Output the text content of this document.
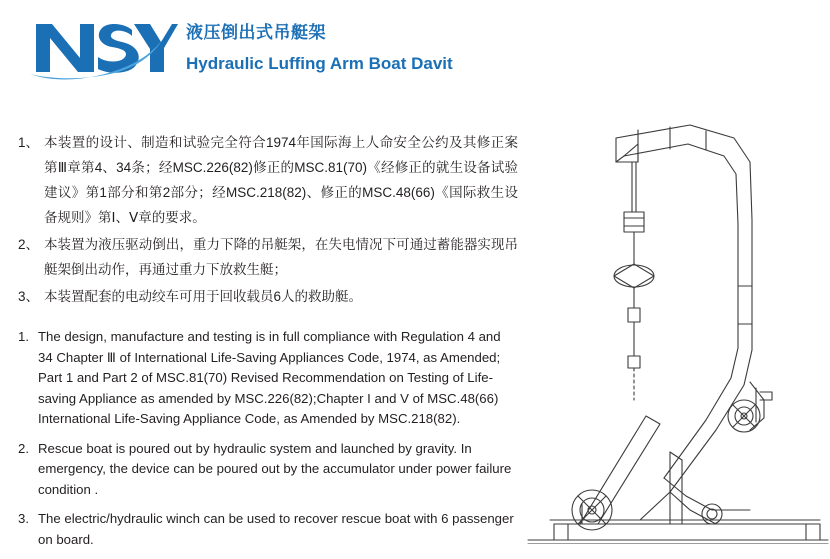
液压倒出式吊艇架
Hydraulic Luffing Arm Boat Davit
1、 本装置的设计、制造和试验完全符合1974年国际海上人命安全公约及其修正案第Ⅲ章第4、34条；经MSC.226(82)修正的MSC.81(70)《经修正的就生设备试验建议》第1部分和第2部分；经MSC.218(82)、修正的MSC.48(66)《国际救生设备规则》第Ⅰ、Ⅴ章的要求。
2、 本装置为液压驱动倒出，重力下降的吊艇架，在失电情况下可通过蓄能器实现吊艇架倒出动作，再通过重力下放救生艇；
3、 本装置配套的电动绞车可用于回收载员6人的救助艇。
1. The design, manufacture and testing is in full compliance with Regulation 4 and 34 Chapter Ⅲ of International Life-Saving Appliances Code, 1974, as Amended; Part 1 and Part 2 of MSC.81(70) Revised Recommendation on Testing of Life-saving Appliance as amended by MSC.226(82);Chapter I and V of MSC.48(66) International Life-Saving Appliance Code, as Amended by MSC.218(82).
2. Rescue boat is poured out by hydraulic system and launched by gravity. In emergency, the device can be poured out by the accumulator under power failure condition .
3. The electric/hydraulic winch can be used to recover rescue boat with 6 passenger on board.
